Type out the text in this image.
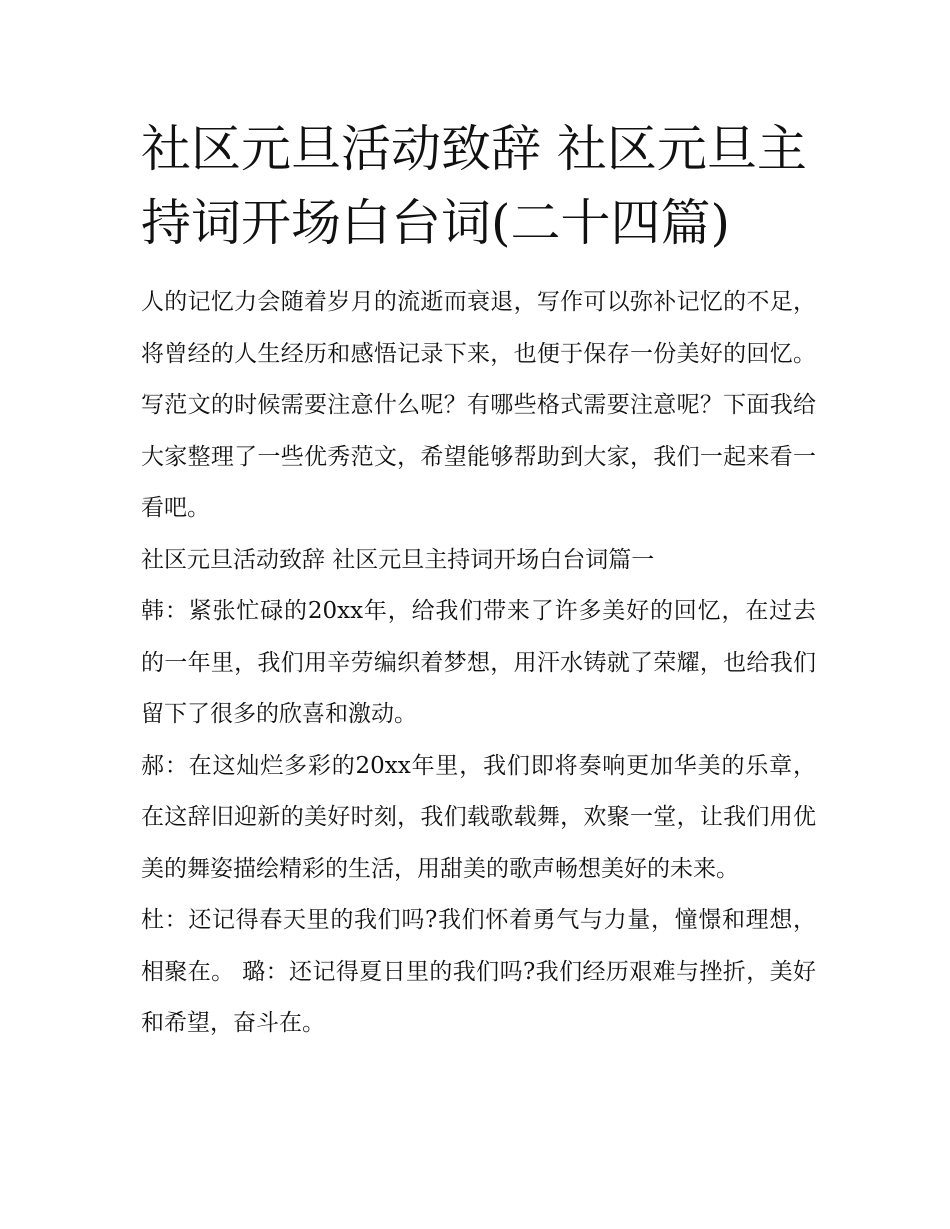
社区元旦活动致辞 社区元旦主持词开场白台词(二十四篇)

人的记忆力会随着岁月的流逝而衰退，写作可以弥补记忆的不足，将曾经的人生经历和感悟记录下来，也便于保存一份美好的回忆。写范文的时候需要注意什么呢？有哪些格式需要注意呢？下面我给大家整理了一些优秀范文，希望能够帮助到大家，我们一起来看一看吧。

社区元旦活动致辞 社区元旦主持词开场白台词篇一

韩：紧张忙碌的20xx年，给我们带来了许多美好的回忆，在过去的一年里，我们用辛劳编织着梦想，用汗水铸就了荣耀，也给我们留下了很多的欣喜和激动。

郝：在这灿烂多彩的20xx年里，我们即将奏响更加华美的乐章，在这辞旧迎新的美好时刻，我们载歌载舞，欢聚一堂，让我们用优美的舞姿描绘精彩的生活，用甜美的歌声畅想美好的未来。

杜：还记得春天里的我们吗?我们怀着勇气与力量，憧憬和理想，相聚在。 璐：还记得夏日里的我们吗?我们经历艰难与挫折，美好和希望，奋斗在。
